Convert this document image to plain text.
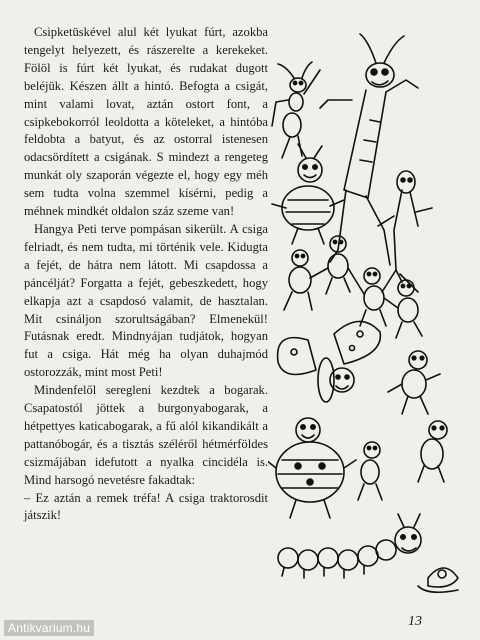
Csipketüskével alul két lyukat fúrt, azokba tengelyt helyezett, és rászerelte a kerekeket. Fölöl is fúrt két lyukat, és rudakat dugott beléjük. Készen állt a hintó. Befogta a csigát, mint valami lovat, aztán ostort font, a csipkebokorról leoldotta a köteleket, a hintóba feldobta a batyut, és az ostorral istenesen odacsördített a csigának. S mindezt a rengeteg munkát oly szaporán végezte el, hogy egy méh sem tudta volna szemmel kísérni, pedig a méhnek mindkét oldalon száz szeme van!

Hangya Peti terve pompásan sikerült. A csiga felriadt, és nem tudta, mi történik vele. Kidugta a fejét, de hátra nem látott. Mi csapdossa a páncélját? Forgatta a fejét, gebeszkedett, hogy elkapja azt a csapdosó valamit, de hasztalan. Mit csináljon szorultságában? Elmenekül! Futásnak eredt. Mindnyájan tudjátok, hogyan fut a csiga. Hát még ha olyan duhajmód ostorozzák, mint most Peti!

Mindenfelől seregleni kezdtek a bogarak. Csapatostól jöttek a burgonyabogarak, a hétpettyes katicabogarak, a fű alól kikandikált a pattanóbogár, és a tisztás széléről hétmérföldes csizmájában idefutott a nyalka cincidéla is. Mind harsogó nevetésre fakadtak:

– Ez aztán a remek tréfa! A csiga traktorosdit játszik!

13
Antikvarium.hu
